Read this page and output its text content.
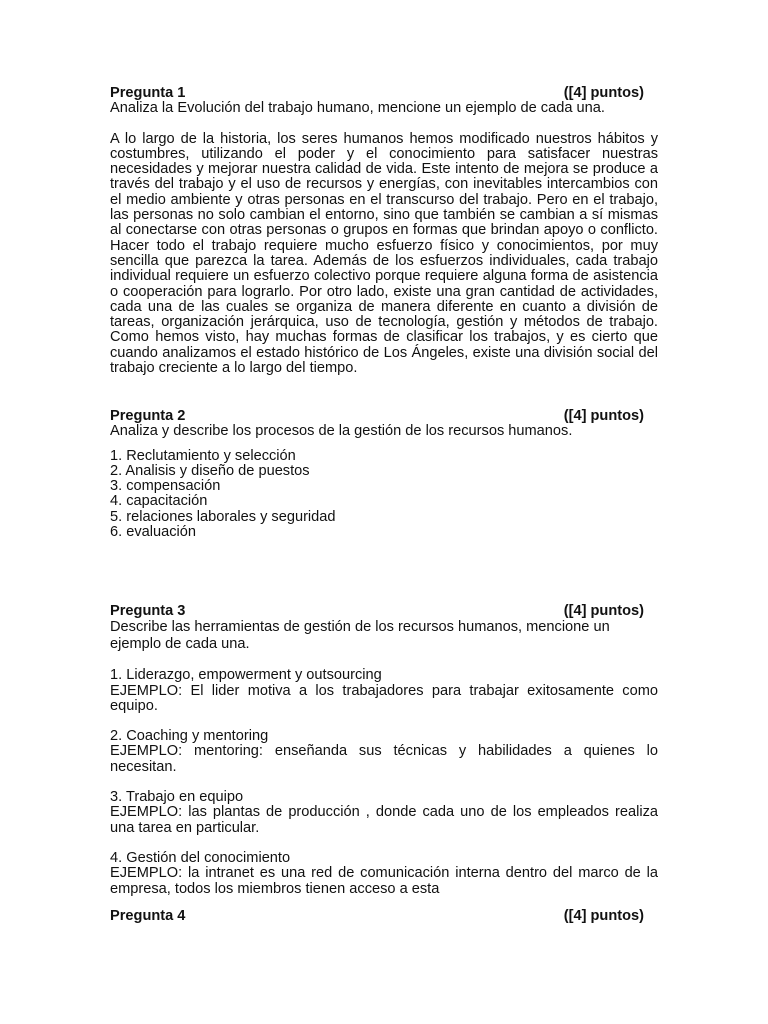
Pregunta 1	([4] puntos)

Analiza la Evolución del trabajo humano, mencione un ejemplo de cada una.

A lo largo de la historia, los seres humanos hemos modificado nuestros hábitos y costumbres, utilizando el poder y el conocimiento para satisfacer nuestras necesidades y mejorar nuestra calidad de vida. Este intento de mejora se produce a través del trabajo y el uso de recursos y energías, con inevitables intercambios con el medio ambiente y otras personas en el transcurso del trabajo. Pero en el trabajo, las personas no solo cambian el entorno, sino que también se cambian a sí mismas al conectarse con otras personas o grupos en formas que brindan apoyo o conflicto. Hacer todo el trabajo requiere mucho esfuerzo físico y conocimientos, por muy sencilla que parezca la tarea. Además de los esfuerzos individuales, cada trabajo individual requiere un esfuerzo colectivo porque requiere alguna forma de asistencia o cooperación para lograrlo. Por otro lado, existe una gran cantidad de actividades, cada una de las cuales se organiza de manera diferente en cuanto a división de tareas, organización jerárquica, uso de tecnología, gestión y métodos de trabajo. Como hemos visto, hay muchas formas de clasificar los trabajos, y es cierto que cuando analizamos el estado histórico de Los Ángeles, existe una división social del trabajo creciente a lo largo del tiempo.

Pregunta 2	([4] puntos)

Analiza y describe los procesos de la gestión de los recursos humanos.

1. Reclutamiento y selección
2. Analisis y diseño de puestos
3. compensación
4. capacitación
5. relaciones laborales y seguridad
6. evaluación
Pregunta 3	([4] puntos)

Describe las herramientas de gestión de los recursos humanos, mencione un ejemplo de cada una.

1. Liderazgo, empowerment y outsourcing
EJEMPLO: El lider motiva a los trabajadores para trabajar exitosamente como equipo.
2. Coaching y mentoring
EJEMPLO: mentoring: enseñanda sus técnicas y habilidades a quienes lo necesitan.
3. Trabajo en equipo
EJEMPLO: las plantas de producción , donde cada uno de los empleados realiza una tarea en particular.
4. Gestión del conocimiento
EJEMPLO: la intranet es una red de comunicación interna dentro del marco de la empresa, todos los miembros tienen acceso a esta
Pregunta 4	([4] puntos)
